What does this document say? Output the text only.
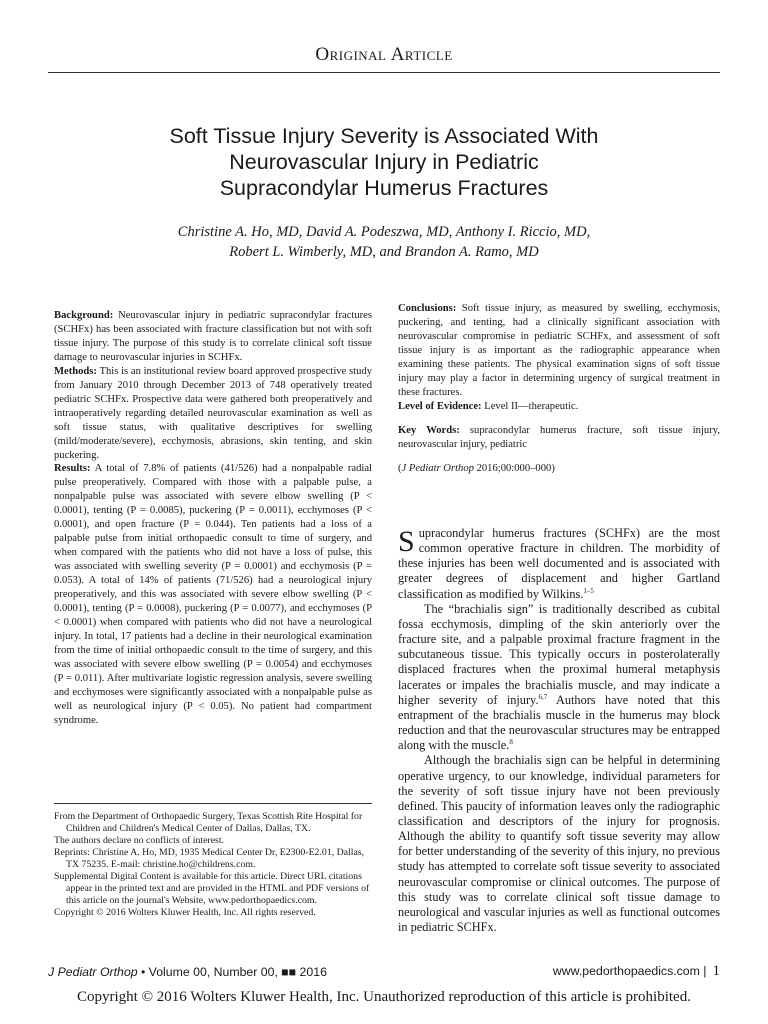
Original Article
Soft Tissue Injury Severity is Associated With
Neurovascular Injury in Pediatric
Supracondylar Humerus Fractures
Christine A. Ho, MD, David A. Podeszwa, MD, Anthony I. Riccio, MD,
Robert L. Wimberly, MD, and Brandon A. Ramo, MD

Background: Neurovascular injury in pediatric supracondylar fractures (SCHFx) has been associated with fracture classification but not with soft tissue injury. The purpose of this study is to correlate clinical soft tissue damage to neurovascular injuries in SCHFx.

Methods: This is an institutional review board approved prospective study from January 2010 through December 2013 of 748 operatively treated pediatric SCHFx. Prospective data were gathered both preoperatively and intraoperatively regarding detailed neurovascular examination as well as soft tissue status, with qualitative descriptives for swelling (mild/moderate/severe), ecchymosis, abrasions, skin tenting, and skin puckering.

Results: A total of 7.8% of patients (41/526) had a nonpalpable radial pulse preoperatively. Compared with those with a palpable pulse, a nonpalpable pulse was associated with severe elbow swelling (P < 0.0001), tenting (P = 0.0085), puckering (P = 0.0011), ecchymoses (P < 0.0001), and open fracture (P = 0.044). Ten patients had a loss of a palpable pulse from initial orthopaedic consult to time of surgery, and when compared with the patients who did not have a loss of pulse, this was associated with swelling severity (P = 0.0001) and ecchymosis (P = 0.053). A total of 14% of patients (71/526) had a neurological injury preoperatively, and this was associated with severe elbow swelling (P < 0.0001), tenting (P = 0.0008), puckering (P = 0.0077), and ecchymoses (P < 0.0001) when compared with patients who did not have a neurological injury. In total, 17 patients had a decline in their neurological examination from the time of initial orthopaedic consult to the time of surgery, and this was associated with severe elbow swelling (P = 0.0054) and ecchymoses (P = 0.011). After multivariate logistic regression analysis, severe swelling and ecchymoses were significantly associated with a nonpalpable pulse as well as neurological injury (P < 0.05). No patient had compartment syndrome.

Conclusions: Soft tissue injury, as measured by swelling, ecchymosis, puckering, and tenting, had a clinically significant association with neurovascular compromise in pediatric SCHFx, and assessment of soft tissue injury is as important as the radiographic appearance when examining these patients. The physical examination signs of soft tissue injury may play a factor in determining urgency of surgical treatment in these fractures.

Level of Evidence: Level II—therapeutic.

Key Words: supracondylar humerus fracture, soft tissue injury, neurovascular injury, pediatric

(J Pediatr Orthop 2016;00:000–000)

From the Department of Orthopaedic Surgery, Texas Scottish Rite Hospital for Children and Children's Medical Center of Dallas, Dallas, TX.

The authors declare no conflicts of interest.

Reprints: Christine A. Ho, MD, 1935 Medical Center Dr, E2300-E2.01, Dallas, TX 75235. E-mail: christine.ho@childrens.com.

Supplemental Digital Content is available for this article. Direct URL citations appear in the printed text and are provided in the HTML and PDF versions of this article on the journal's Website, www.pedorthopaedics.com.

Copyright © 2016 Wolters Kluwer Health, Inc. All rights reserved.

Supracondylar humerus fractures (SCHFx) are the most common operative fracture in children. The morbidity of these injuries has been well documented and is associated with greater degrees of displacement and higher Gartland classification as modified by Wilkins.$^{1-5}$

The “brachialis sign” is traditionally described as cubital fossa ecchymosis, dimpling of the skin anteriorly over the fracture site, and a palpable proximal fracture fragment in the subcutaneous tissue. This typically occurs in posterolaterally displaced fractures when the proximal humeral metaphysis lacerates or impales the brachialis muscle, and may indicate a higher severity of injury.$^{6,7}$ Authors have noted that this entrapment of the brachialis muscle in the humerus may block reduction and that the neurovascular structures may be entrapped along with the muscle.$^8$

Although the brachialis sign can be helpful in determining operative urgency, to our knowledge, individual parameters for the severity of soft tissue injury have not been previously defined. This paucity of information leaves only the radiographic classification and descriptors of the injury for prognosis. Although the ability to quantify soft tissue severity may allow for better understanding of the severity of this injury, no previous study has attempted to correlate soft tissue severity to associated neurovascular compromise or clinical outcomes. The purpose of this study was to correlate clinical soft tissue damage to neurological and vascular injuries as well as functional outcomes in pediatric SCHFx.

J Pediatr Orthop • Volume 00, Number 00, ■■ 2016	www.pedorthopaedics.com | 1
Copyright © 2016 Wolters Kluwer Health, Inc. Unauthorized reproduction of this article is prohibited.
